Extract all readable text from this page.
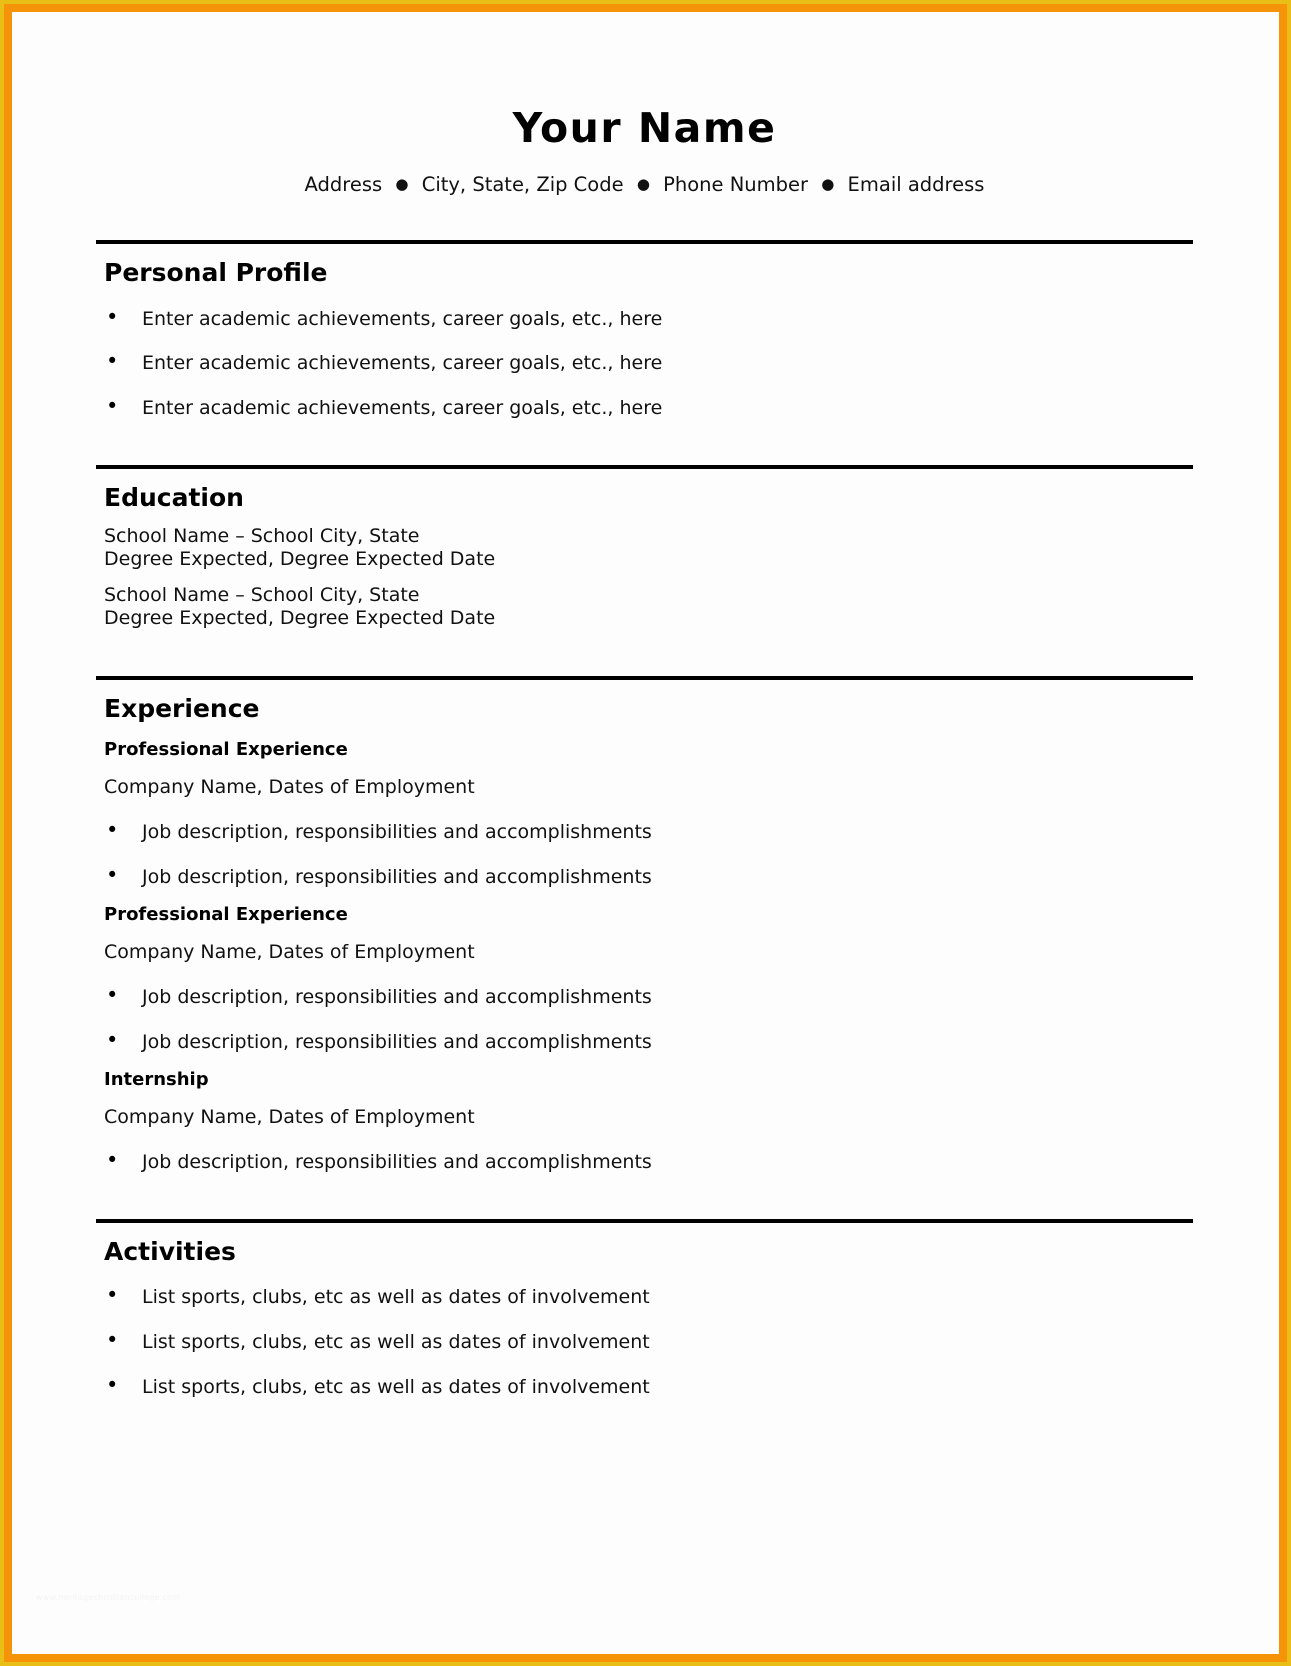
Your Name
Address ● City, State, Zip Code ● Phone Number ● Email address
Personal Profile
• Enter academic achievements, career goals, etc., here
• Enter academic achievements, career goals, etc., here
• Enter academic achievements, career goals, etc., here
Education
School Name – School City, State
Degree Expected, Degree Expected Date
School Name – School City, State
Degree Expected, Degree Expected Date
Experience
Professional Experience
Company Name, Dates of Employment
• Job description, responsibilities and accomplishments
• Job description, responsibilities and accomplishments
Professional Experience
Company Name, Dates of Employment
• Job description, responsibilities and accomplishments
• Job description, responsibilities and accomplishments
Internship
Company Name, Dates of Employment
• Job description, responsibilities and accomplishments
Activities
• List sports, clubs, etc as well as dates of involvement
• List sports, clubs, etc as well as dates of involvement
• List sports, clubs, etc as well as dates of involvement
www.heritagechristiancollege.com
